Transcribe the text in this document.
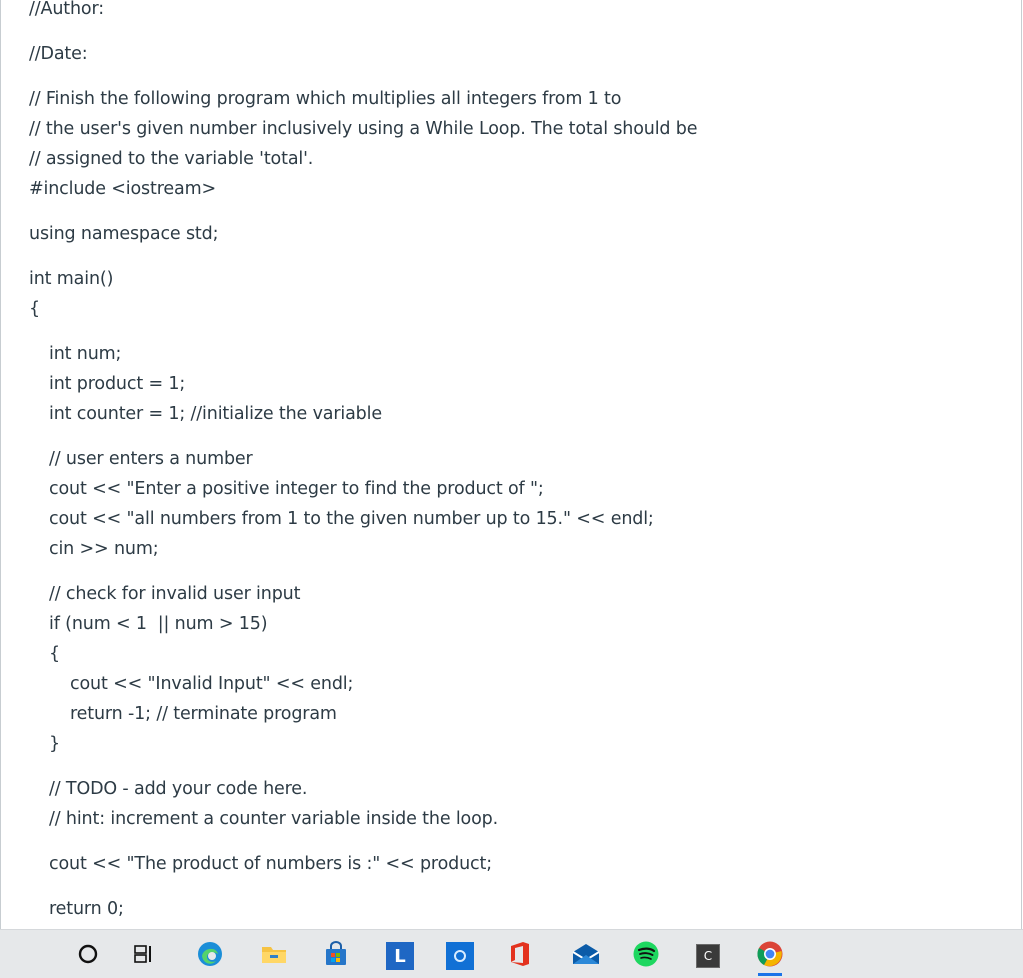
//Author:
//Date:
// Finish the following program which multiplies all integers from 1 to
// the user's given number inclusively using a While Loop. The total should be
// assigned to the variable 'total'.
#include <iostream>
using namespace std;
int main()
{
int num;
int product = 1;
int counter = 1; //initialize the variable
// user enters a number
cout << "Enter a positive integer to find the product of ";
cout << "all numbers from 1 to the given number up to 15." << endl;
cin >> num;
// check for invalid user input
if (num < 1  || num > 15)
{
cout << "Invalid Input" << endl;
return -1; // terminate program
}
// TODO - add your code here.
// hint: increment a counter variable inside the loop.
cout << "The product of numbers is :" << product;
return 0;
L	C
